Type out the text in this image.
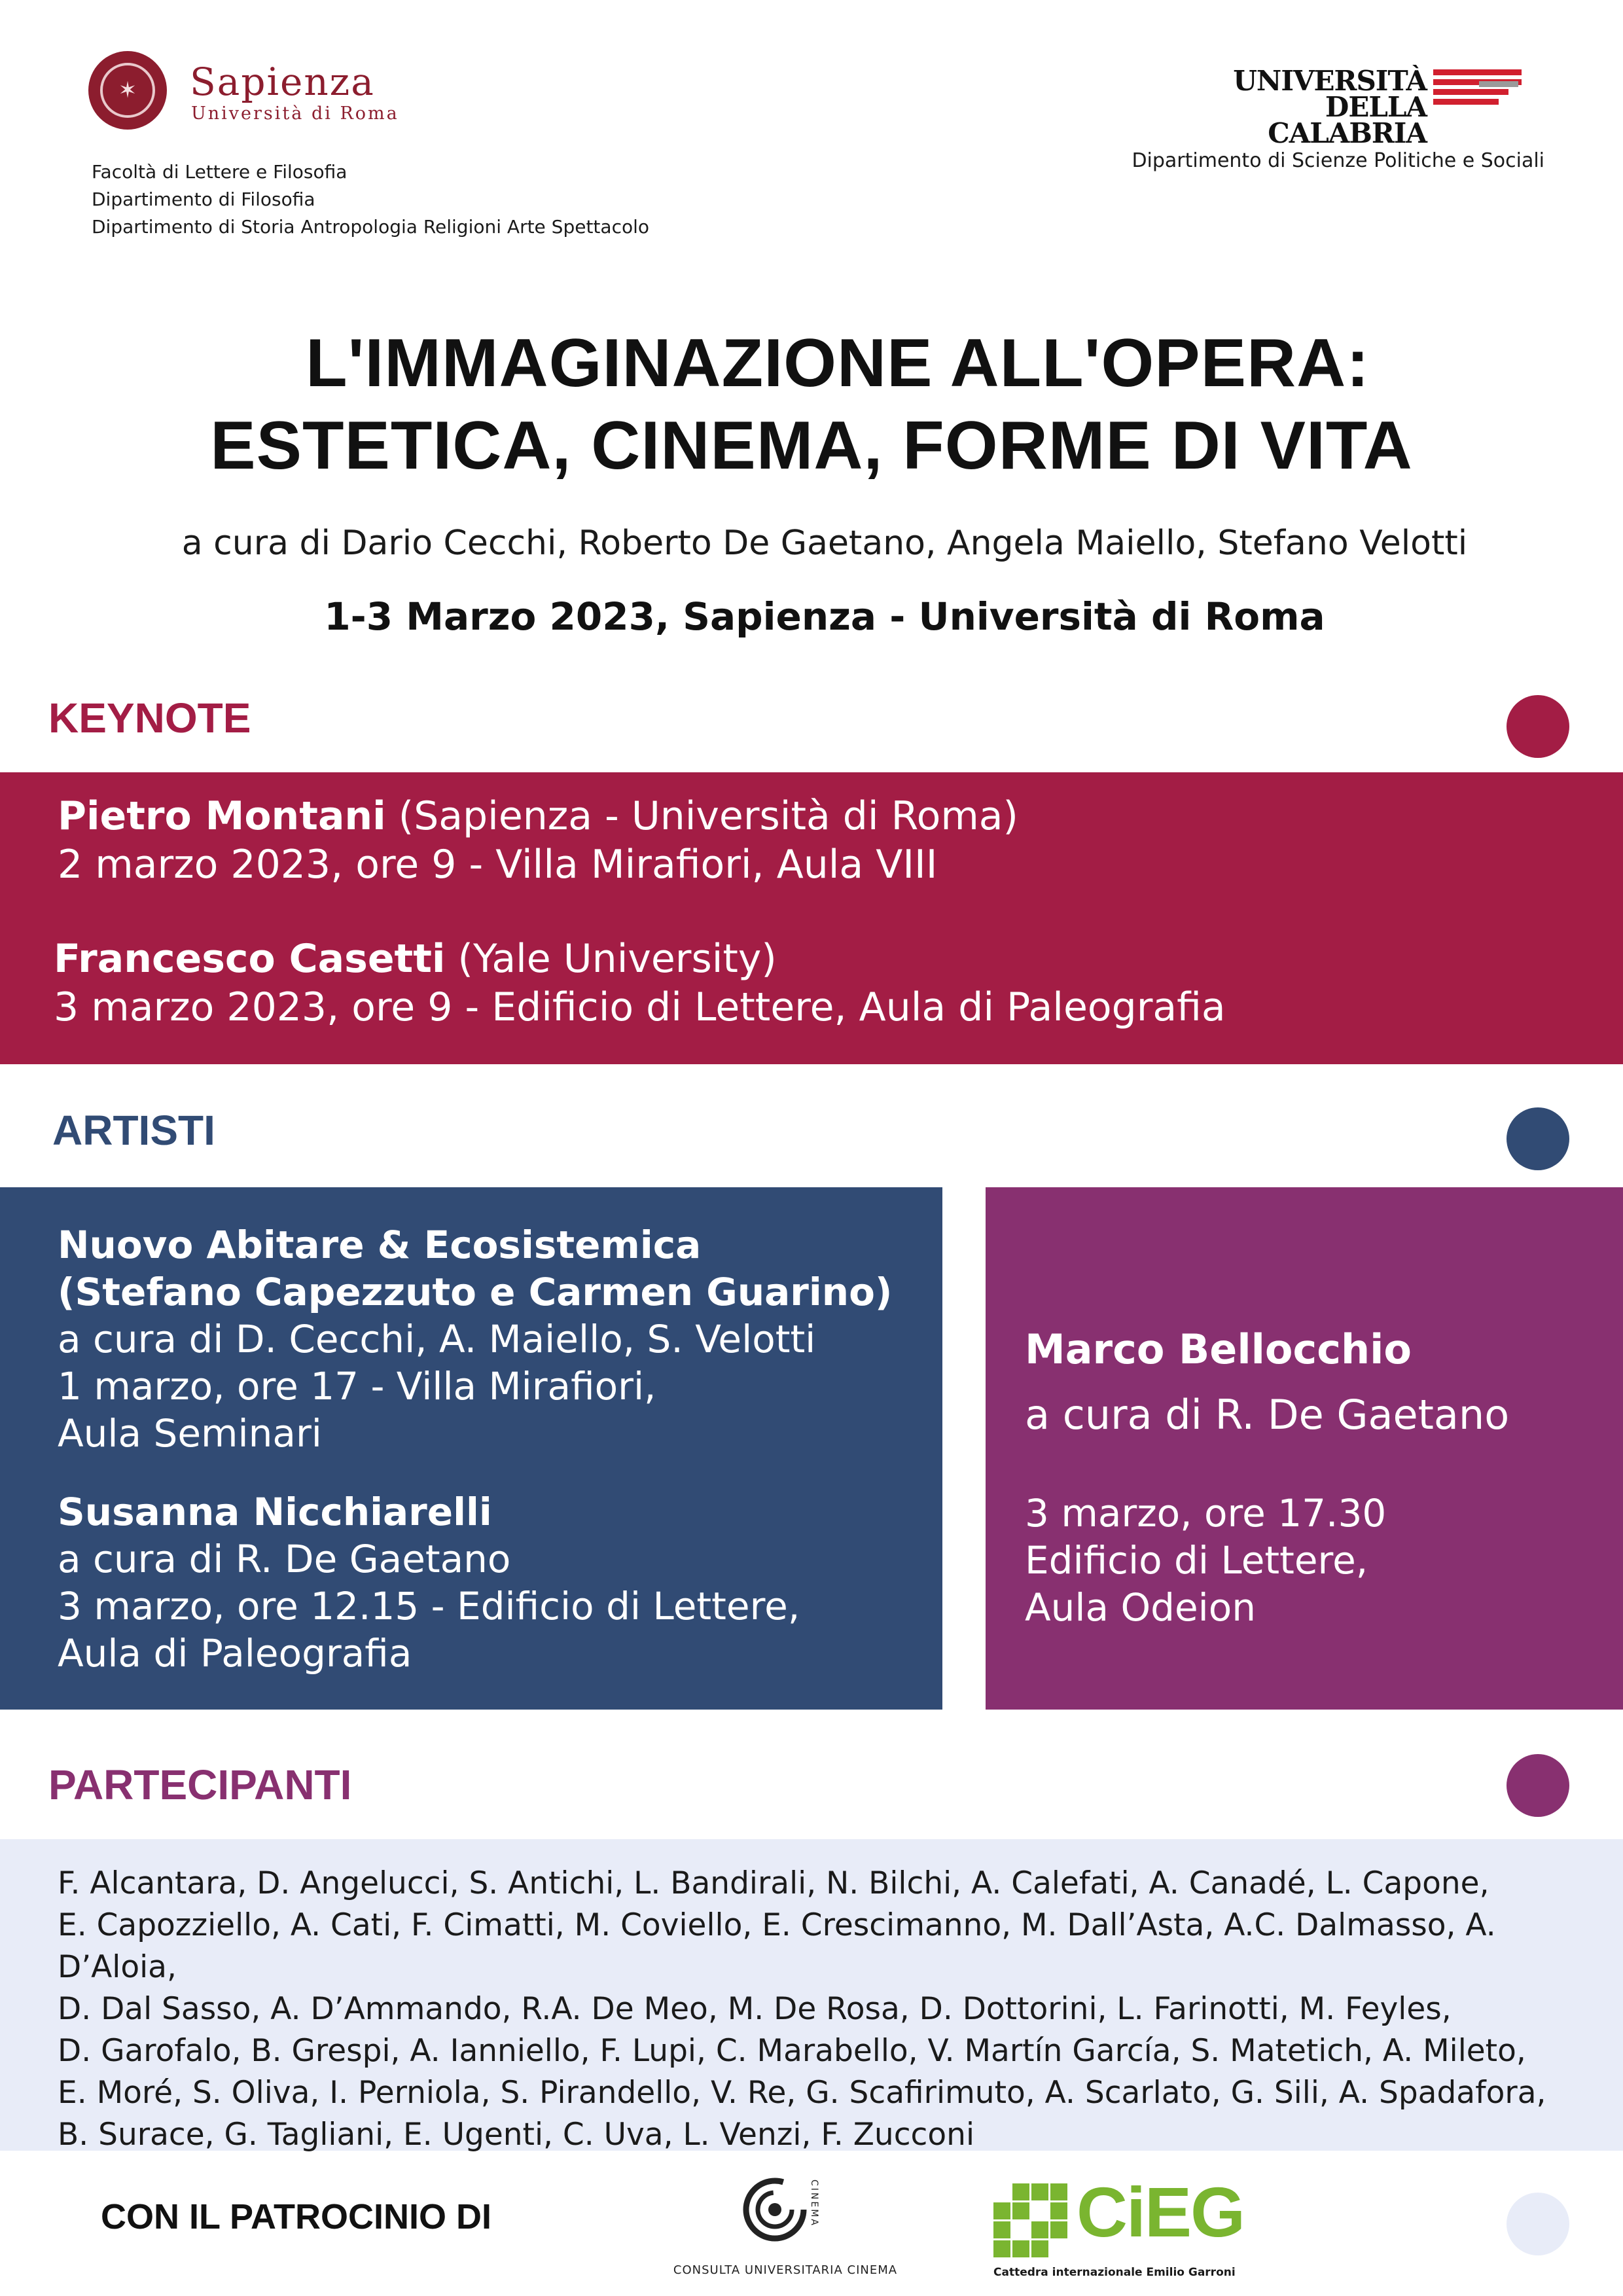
✶	Sapienza
Università di Roma
Facoltà di Lettere e Filosofia
Dipartimento di Filosofia
Dipartimento di Storia Antropologia Religioni Arte Spettacolo
UNIVERSITÀ
DELLA CALABRIA
Dipartimento di Scienze Politiche e Sociali
L'IMMAGINAZIONE ALL'OPERA:
ESTETICA, CINEMA, FORME DI VITA
a cura di Dario Cecchi, Roberto De Gaetano, Angela Maiello, Stefano Velotti
1-3 Marzo 2023, Sapienza - Università di Roma
KEYNOTE
Pietro Montani (Sapienza - Università di Roma)
2 marzo 2023, ore 9 - Villa Mirafiori, Aula VIII
Francesco Casetti (Yale University)
3 marzo 2023, ore 9 - Edificio di Lettere, Aula di Paleografia
ARTISTI
Nuovo Abitare & Ecosistemica
(Stefano Capezzuto e Carmen Guarino)
a cura di D. Cecchi, A. Maiello, S. Velotti
1 marzo, ore 17 - Villa Mirafiori,
Aula Seminari
Susanna Nicchiarelli
a cura di R. De Gaetano
3 marzo, ore 12.15 - Edificio di Lettere,
Aula di Paleografia
Marco Bellocchio
a cura di R. De Gaetano
3 marzo, ore 17.30
Edificio di Lettere,
Aula Odeion
PARTECIPANTI
F. Alcantara, D. Angelucci, S. Antichi, L. Bandirali, N. Bilchi, A. Calefati, A. Canadé, L. Capone,
E. Capozziello, A. Cati, F. Cimatti, M. Coviello, E. Crescimanno, M. Dall’Asta, A.C. Dalmasso, A. D’Aloia,
D. Dal Sasso, A. D’Ammando, R.A. De Meo, M. De Rosa, D. Dottorini, L. Farinotti, M. Feyles,
D. Garofalo, B. Grespi, A. Ianniello, F. Lupi, C. Marabello, V. Martín García, S. Matetich, A. Mileto,
E. Moré, S. Oliva, I. Perniola, S. Pirandello, V. Re, G. Scafirimuto, A. Scarlato, G. Sili, A. Spadafora,
B. Surace, G. Tagliani, E. Ugenti, C. Uva, L. Venzi, F. Zucconi
CON IL PATROCINIO DI	CINEMA
CONSULTA UNIVERSITARIA CINEMA
CiEG
Cattedra internazionale Emilio Garroni
